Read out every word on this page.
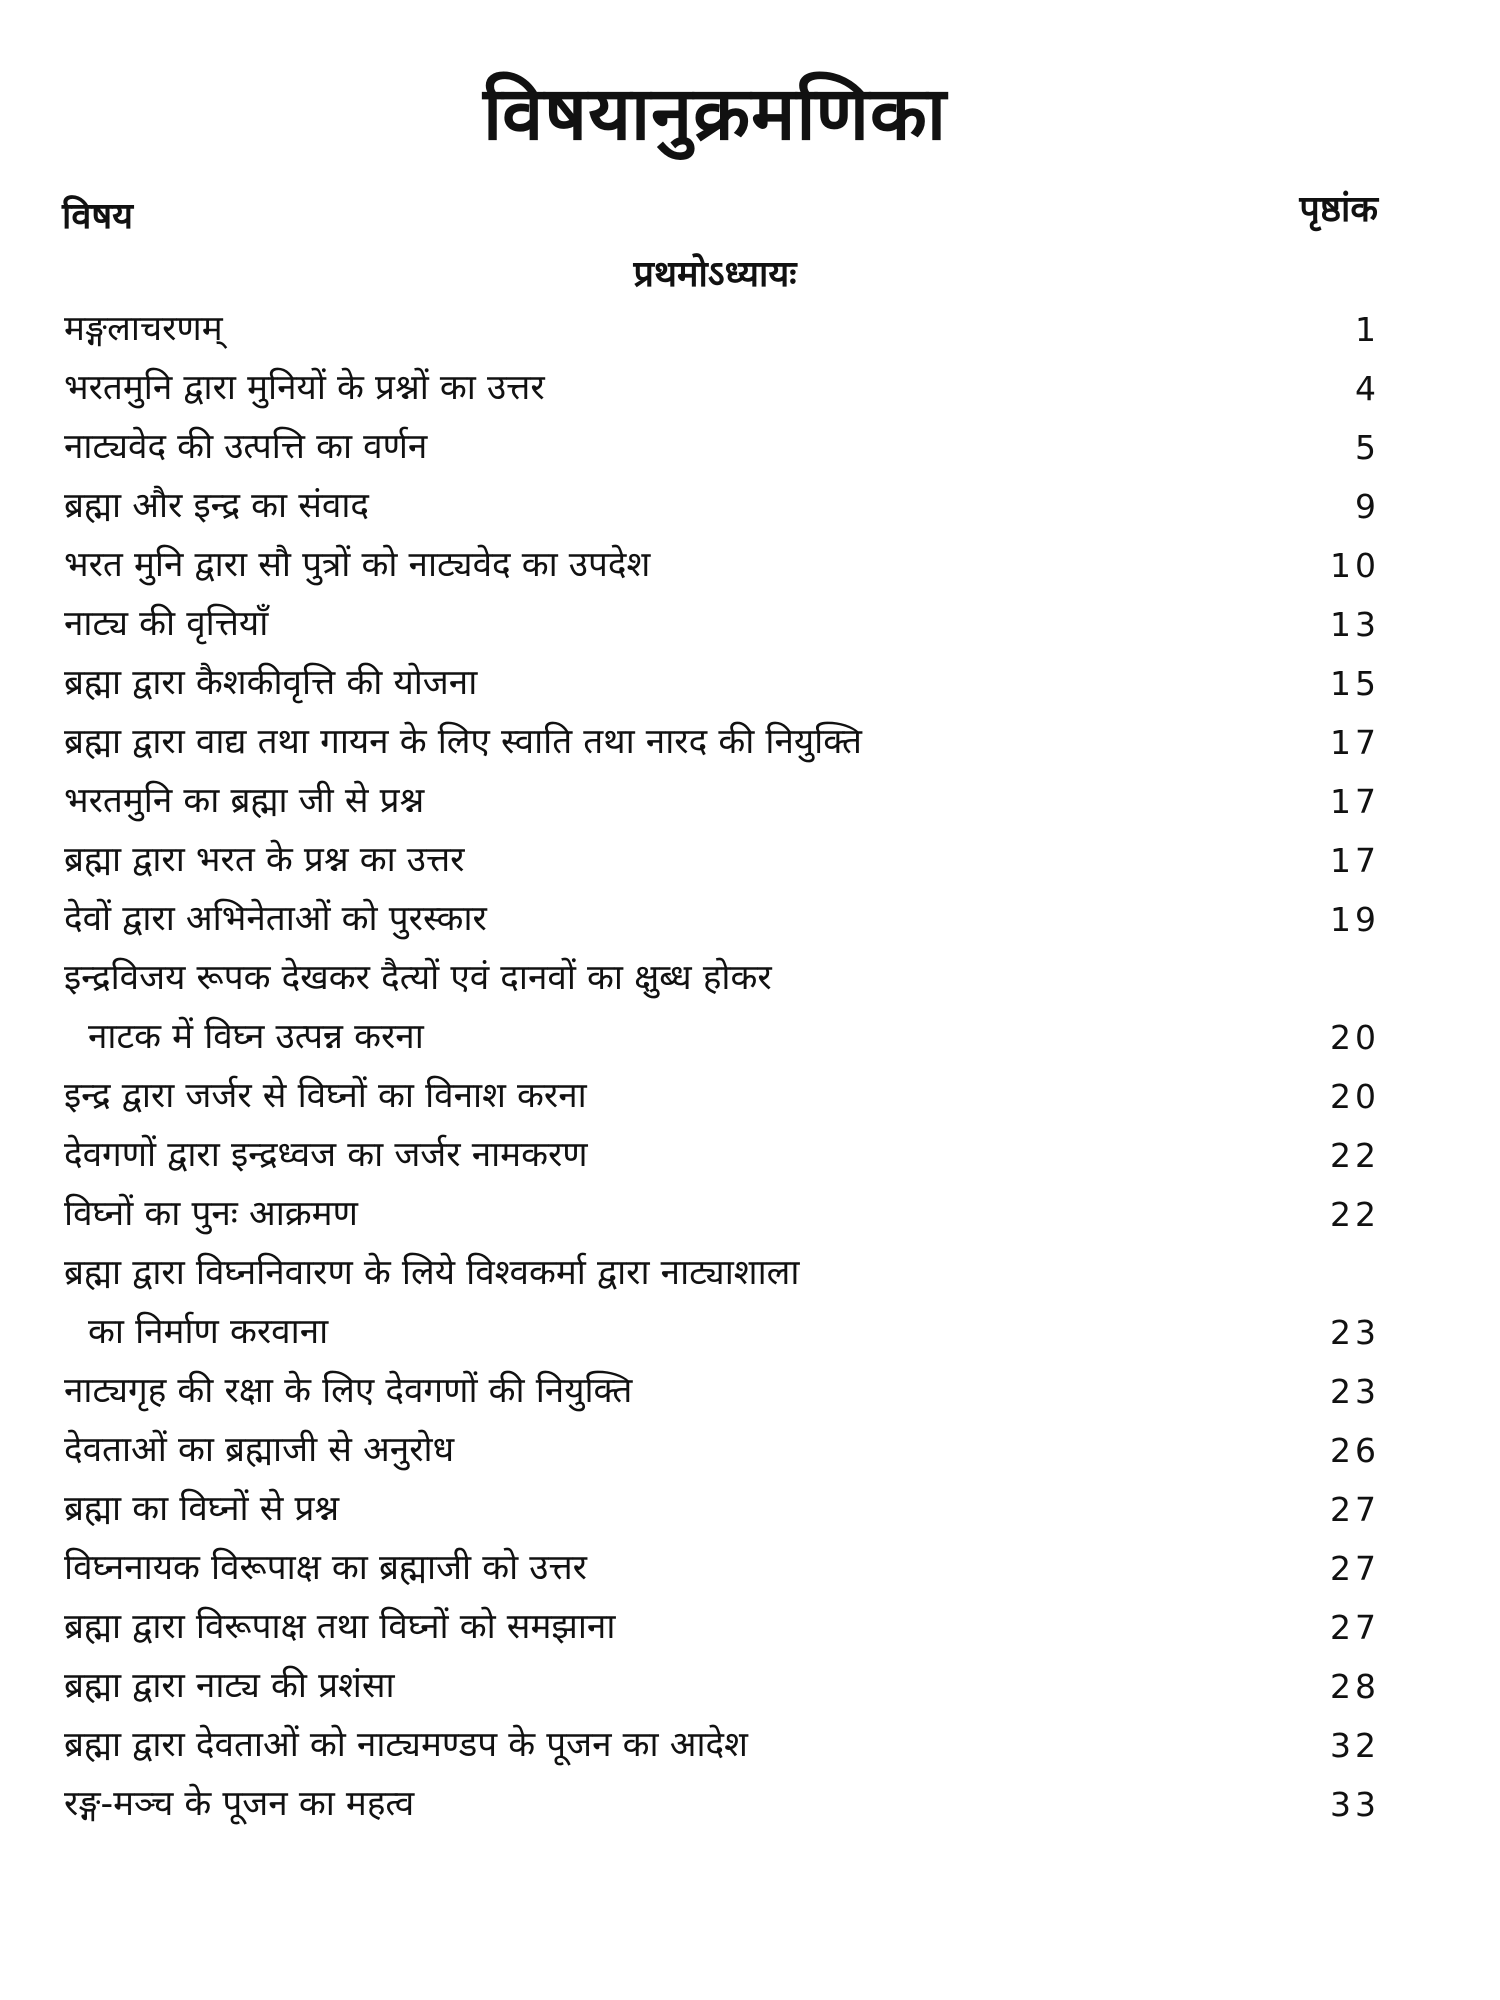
विषयानुक्रमणिका
विषय	पृष्ठांक
प्रथमोऽध्यायः
मङ्गलाचरणम्	1
भरतमुनि द्वारा मुनियों के प्रश्नों का उत्तर	4
नाट्यवेद की उत्पत्ति का वर्णन	5
ब्रह्मा और इन्द्र का संवाद	9
भरत मुनि द्वारा सौ पुत्रों को नाट्यवेद का उपदेश	10
नाट्य की वृत्तियाँ	13
ब्रह्मा द्वारा कैशकीवृत्ति की योजना	15
ब्रह्मा द्वारा वाद्य तथा गायन के लिए स्वाति तथा नारद की नियुक्ति	17
भरतमुनि का ब्रह्मा जी से प्रश्न	17
ब्रह्मा द्वारा भरत के प्रश्न का उत्तर	17
देवों द्वारा अभिनेताओं को पुरस्कार	19
इन्द्रविजय रूपक देखकर दैत्यों एवं दानवों का क्षुब्ध होकर
नाटक में विघ्न उत्पन्न करना	20
इन्द्र द्वारा जर्जर से विघ्नों का विनाश करना	20
देवगणों द्वारा इन्द्रध्वज का जर्जर नामकरण	22
विघ्नों का पुनः आक्रमण	22
ब्रह्मा द्वारा विघ्ननिवारण के लिये विश्वकर्मा द्वारा नाट्याशाला
का निर्माण करवाना	23
नाट्यगृह की रक्षा के लिए देवगणों की नियुक्ति	23
देवताओं का ब्रह्माजी से अनुरोध	26
ब्रह्मा का विघ्नों से प्रश्न	27
विघ्ननायक विरूपाक्ष का ब्रह्माजी को उत्तर	27
ब्रह्मा द्वारा विरूपाक्ष तथा विघ्नों को समझाना	27
ब्रह्मा द्वारा नाट्य की प्रशंसा	28
ब्रह्मा द्वारा देवताओं को नाट्यमण्डप के पूजन का आदेश	32
रङ्ग-मञ्च के पूजन का महत्व	33
